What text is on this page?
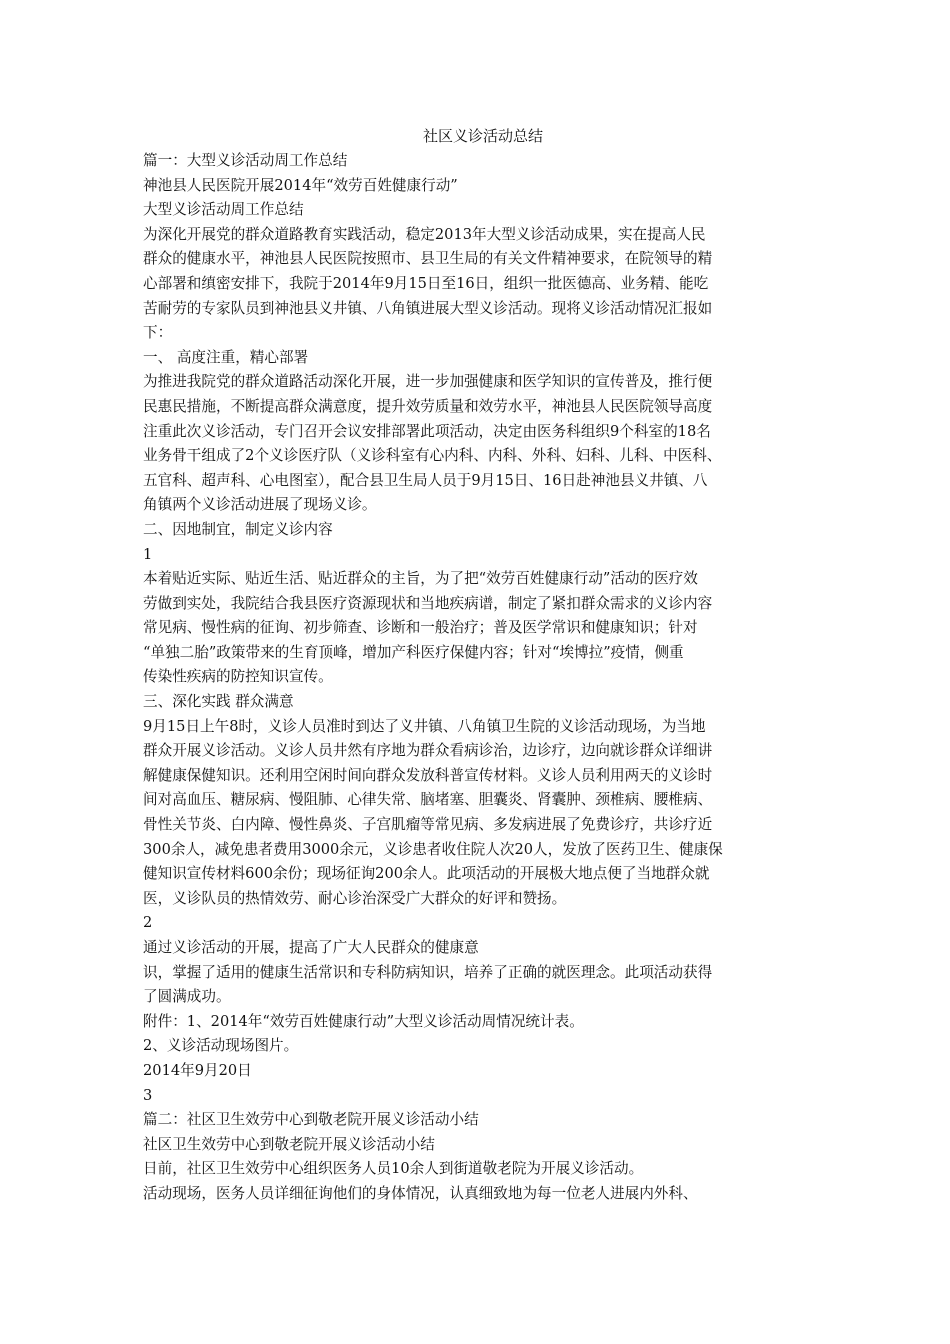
社区义诊活动总结
篇一：大型义诊活动周工作总结
神池县人民医院开展2014年“效劳百姓健康行动”
大型义诊活动周工作总结
为深化开展党的群众道路教育实践活动，稳定2013年大型义诊活动成果，实在提高人民
群众的健康水平，神池县人民医院按照市、县卫生局的有关文件精神要求，在院领导的精
心部署和缜密安排下，我院于2014年9月15日至16日，组织一批医德高、业务精、能吃
苦耐劳的专家队员到神池县义井镇、八角镇进展大型义诊活动。现将义诊活动情况汇报如
下：
一、 高度注重，精心部署
为推进我院党的群众道路活动深化开展，进一步加强健康和医学知识的宣传普及，推行便
民惠民措施，不断提高群众满意度，提升效劳质量和效劳水平，神池县人民医院领导高度
注重此次义诊活动，专门召开会议安排部署此项活动，决定由医务科组织9个科室的18名
业务骨干组成了2个义诊医疗队（义诊科室有心内科、内科、外科、妇科、儿科、中医科、
五官科、超声科、心电图室），配合县卫生局人员于9月15日、16日赴神池县义井镇、八
角镇两个义诊活动进展了现场义诊。
二、因地制宜，制定义诊内容
1
本着贴近实际、贴近生活、贴近群众的主旨，为了把“效劳百姓健康行动”活动的医疗效
劳做到实处，我院结合我县医疗资源现状和当地疾病谱，制定了紧扣群众需求的义诊内容
常见病、慢性病的征询、初步筛查、诊断和一般治疗；普及医学常识和健康知识；针对
“单独二胎”政策带来的生育顶峰，增加产科医疗保健内容；针对“埃博拉”疫情，侧重
传染性疾病的防控知识宣传。
三、深化实践 群众满意
9月15日上午8时，义诊人员准时到达了义井镇、八角镇卫生院的义诊活动现场，为当地
群众开展义诊活动。义诊人员井然有序地为群众看病诊治，边诊疗，边向就诊群众详细讲
解健康保健知识。还利用空闲时间向群众发放科普宣传材料。义诊人员利用两天的义诊时
间对高血压、糖尿病、慢阻肺、心律失常、脑堵塞、胆囊炎、肾囊肿、颈椎病、腰椎病、
骨性关节炎、白内障、慢性鼻炎、子宫肌瘤等常见病、多发病进展了免费诊疗，共诊疗近
300余人，减免患者费用3000余元，义诊患者收住院人次20人，发放了医药卫生、健康保
健知识宣传材料600余份；现场征询200余人。此项活动的开展极大地点便了当地群众就
医，义诊队员的热情效劳、耐心诊治深受广大群众的好评和赞扬。
2
通过义诊活动的开展，提高了广大人民群众的健康意
识，掌握了适用的健康生活常识和专科防病知识，培养了正确的就医理念。此项活动获得
了圆满成功。
附件：1、2014年“效劳百姓健康行动”大型义诊活动周情况统计表。
2、义诊活动现场图片。
2014年9月20日
3
篇二：社区卫生效劳中心到敬老院开展义诊活动小结
社区卫生效劳中心到敬老院开展义诊活动小结
日前，社区卫生效劳中心组织医务人员10余人到街道敬老院为开展义诊活动。
活动现场，医务人员详细征询他们的身体情况，认真细致地为每一位老人进展内外科、
